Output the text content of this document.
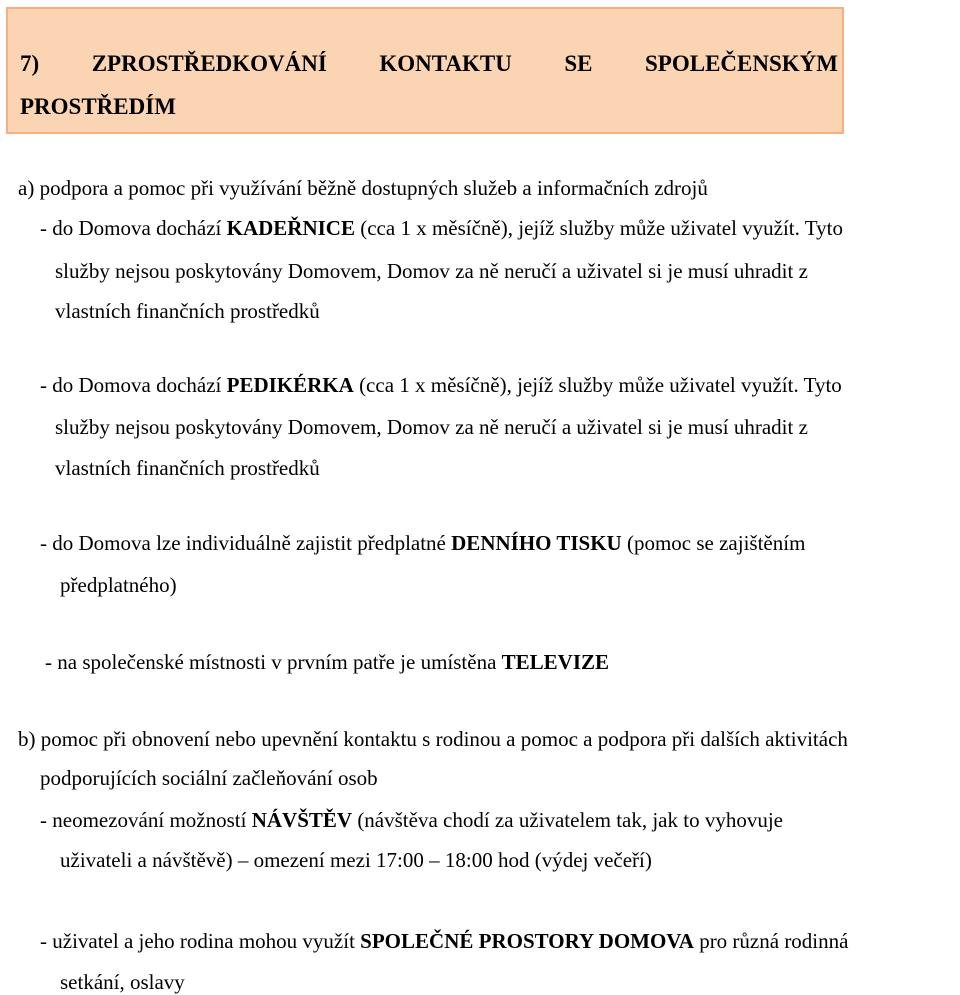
7) ZPROSTŘEDKOVÁNÍ KONTAKTU SE SPOLEČENSKÝM
PROSTŘEDÍM
a) podpora a pomoc při využívání běžně dostupných služeb a informačních zdrojů
- do Domova dochází KADEŘNICE (cca 1 x měsíčně), jejíž služby může uživatel využít. Tyto
služby nejsou poskytovány Domovem, Domov za ně neručí a uživatel si je musí uhradit z
vlastních finančních prostředků
- do Domova dochází PEDIKÉRKA (cca 1 x měsíčně), jejíž služby může uživatel využít. Tyto
služby nejsou poskytovány Domovem, Domov za ně neručí a uživatel si je musí uhradit z
vlastních finančních prostředků
- do Domova lze individuálně zajistit předplatné DENNÍHO TISKU (pomoc se zajištěním
předplatného)
- na společenské místnosti v prvním patře je umístěna TELEVIZE
b) pomoc při obnovení nebo upevnění kontaktu s rodinou a pomoc a podpora při dalších aktivitách
podporujících sociální začleňování osob
- neomezování možností NÁVŠTĚV (návštěva chodí za uživatelem tak, jak to vyhovuje
uživateli a návštěvě) – omezení mezi 17:00 – 18:00 hod (výdej večeří)
- uživatel a jeho rodina mohou využít SPOLEČNÉ PROSTORY DOMOVA pro různá rodinná
setkání, oslavy
